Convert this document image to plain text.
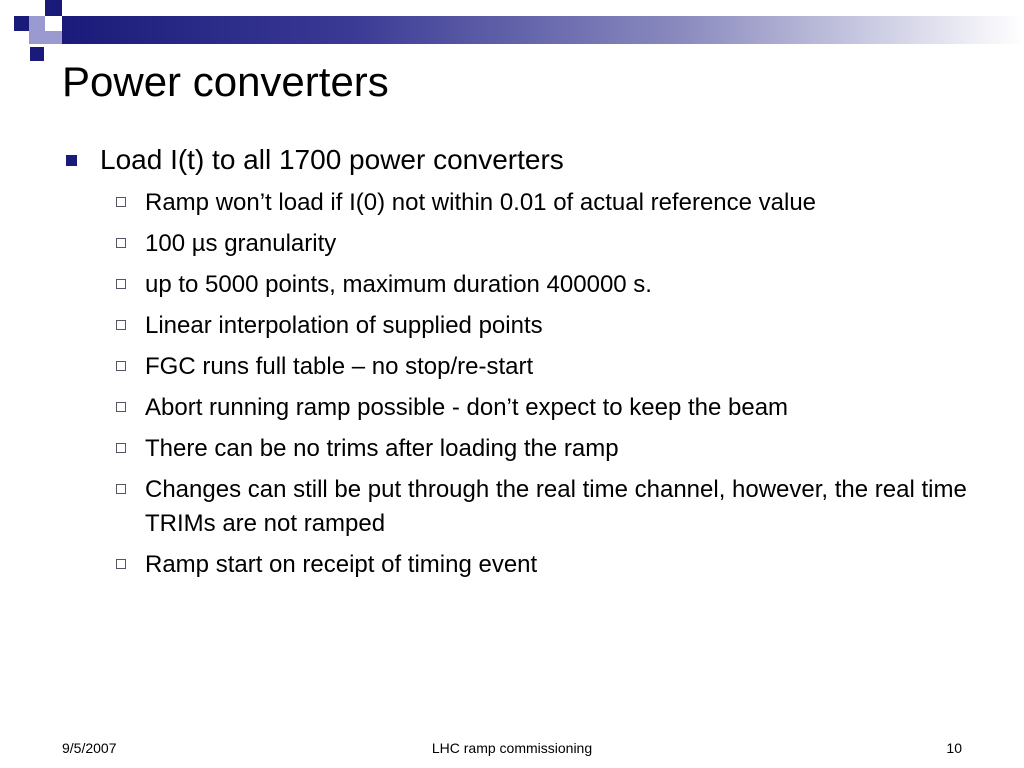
Power converters
Load I(t) to all 1700 power converters
Ramp won’t load if I(0) not within 0.01 of actual reference value
100 µs granularity
up to 5000 points, maximum duration 400000 s.
Linear interpolation of supplied points
FGC runs full table – no stop/re-start
Abort running ramp possible - don’t expect to keep the beam
There can be no trims after loading the ramp
Changes can still be put through the real time channel, however, the real time TRIMs are not ramped
Ramp start on receipt of timing event
9/5/2007	LHC ramp commissioning	10
